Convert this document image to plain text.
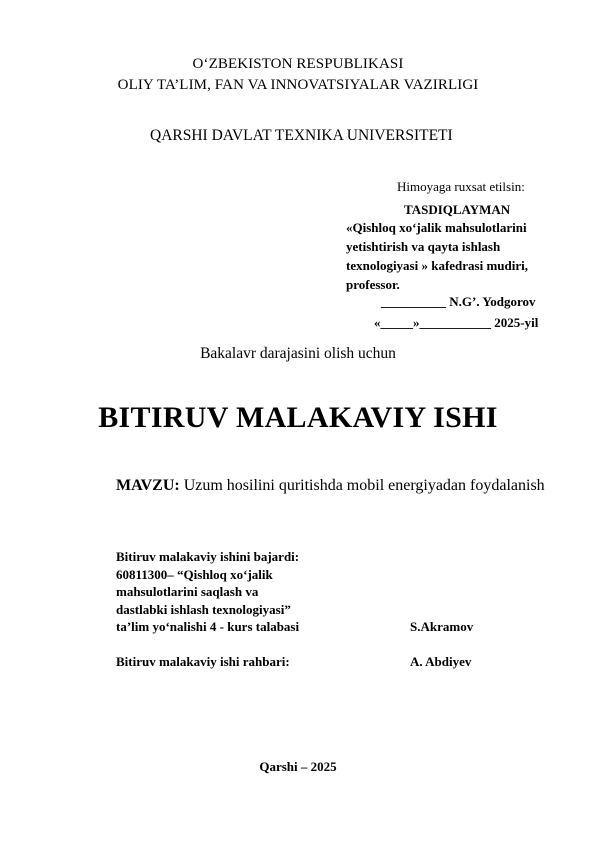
O‘ZBEKISTON RESPUBLIKASI
OLIY TA’LIM, FAN VA INNOVATSIYALAR VAZIRLIGI
QARSHI DAVLAT TEXNIKA UNIVERSITETI
Himoyaga ruxsat etilsin:
TASDIQLAYMAN
«Qishloq xo‘jalik mahsulotlarini
yetishtirish va qayta ishlash
texnologiyasi » kafedrasi mudiri,
professor.
__________ N.G’. Yodgorov
«_____»___________ 2025-yil
Bakalavr darajasini olish uchun
BITIRUV MALAKAVIY ISHI
MAVZU: Uzum hosilini quritishda mobil energiyadan foydalanish
Bitiruv malakaviy ishini bajardi:
60811300– “Qishloq xo‘jalik
mahsulotlarini saqlash va
dastlabki ishlash texnologiyasi”
ta’lim yo‘nalishi 4 - kurs talabasi	S.Akramov
Bitiruv malakaviy ishi rahbari:	A. Abdiyev
Qarshi – 2025
